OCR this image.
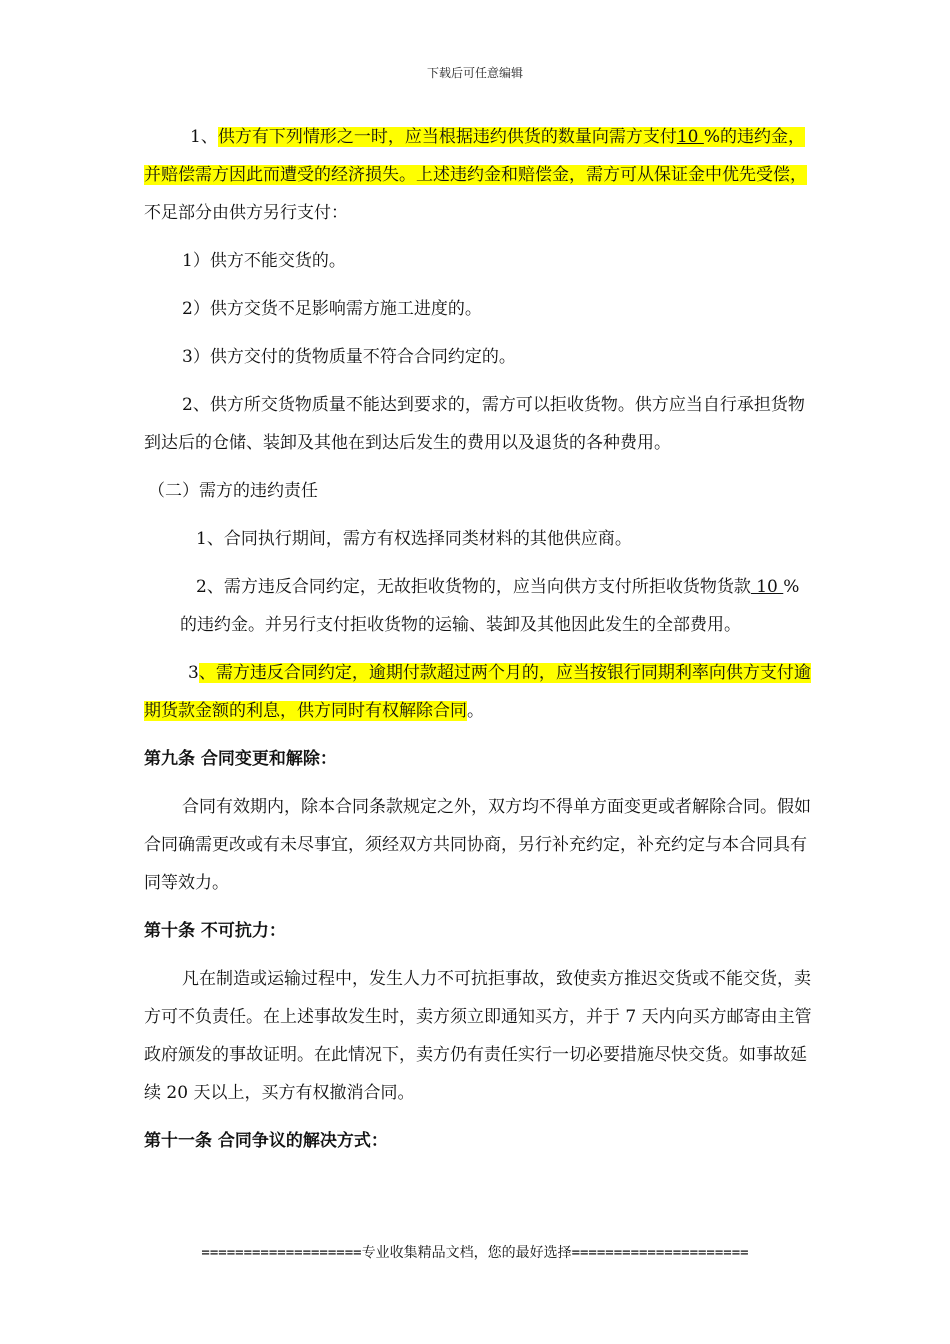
下载后可任意编辑

1、供方有下列情形之一时，应当根据违约供货的数量向需方支付10 %的违约金，并赔偿需方因此而遭受的经济损失。上述违约金和赔偿金，需方可从保证金中优先受偿，不足部分由供方另行支付：

1）供方不能交货的。

2）供方交货不足影响需方施工进度的。

3）供方交付的货物质量不符合合同约定的。

2、供方所交货物质量不能达到要求的，需方可以拒收货物。供方应当自行承担货物到达后的仓储、装卸及其他在到达后发生的费用以及退货的各种费用。

（二）需方的违约责任

1、合同执行期间，需方有权选择同类材料的其他供应商。

2、需方违反合同约定，无故拒收货物的，应当向供方支付所拒收货物货款 10 %的违约金。并另行支付拒收货物的运输、装卸及其他因此发生的全部费用。

3、需方违反合同约定，逾期付款超过两个月的，应当按银行同期利率向供方支付逾期货款金额的利息，供方同时有权解除合同。

第九条 合同变更和解除：

合同有效期内，除本合同条款规定之外，双方均不得单方面变更或者解除合同。假如合同确需更改或有未尽事宜，须经双方共同协商，另行补充约定，补充约定与本合同具有同等效力。

第十条 不可抗力：

凡在制造或运输过程中，发生人力不可抗拒事故，致使卖方推迟交货或不能交货，卖方可不负责任。在上述事故发生时，卖方须立即通知买方，并于 7 天内向买方邮寄由主管政府颁发的事故证明。在此情况下，卖方仍有责任实行一切必要措施尽快交货。如事故延续 20 天以上，买方有权撤消合同。

第十一条 合同争议的解决方式：

===================专业收集精品文档，您的最好选择=====================
